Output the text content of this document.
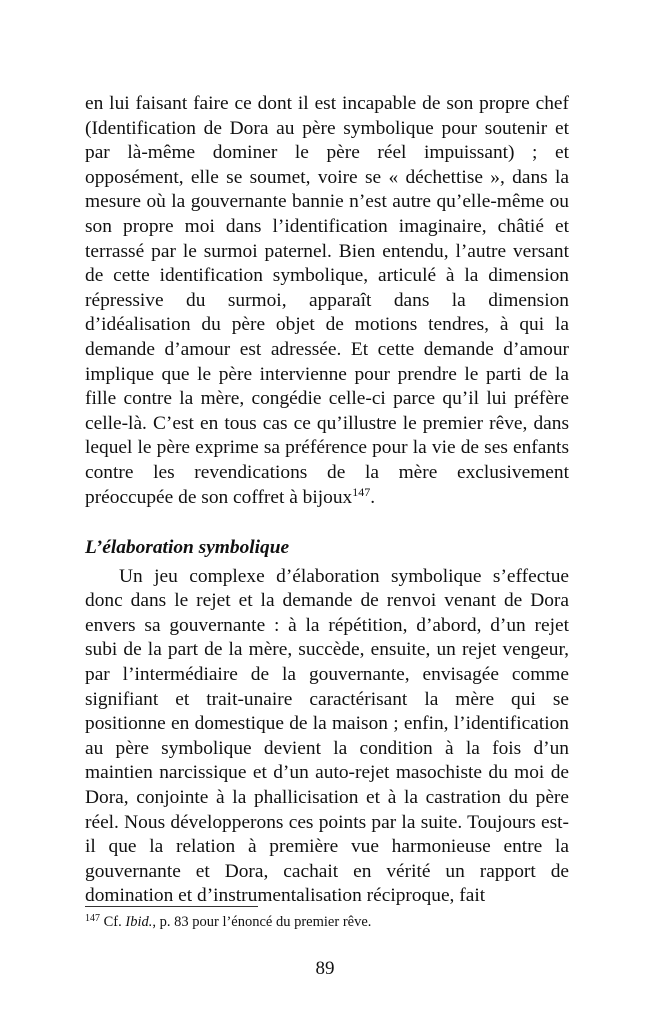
en lui faisant faire ce dont il est incapable de son propre chef (Identification de Dora au père symbolique pour soutenir et par là-même dominer le père réel impuissant) ; et opposément, elle se soumet, voire se « déchettise », dans la mesure où la gouvernante bannie n’est autre qu’elle-même ou son propre moi dans l’identification imaginaire, châtié et terrassé par le surmoi paternel. Bien entendu, l’autre versant de cette identification symbolique, articulé à la dimension répressive du surmoi, apparaît dans la dimension d’idéalisation du père objet de motions tendres, à qui la demande d’amour est adressée. Et cette demande d’amour implique que le père intervienne pour prendre le parti de la fille contre la mère, congédie celle-ci parce qu’il lui préfère celle-là. C’est en tous cas ce qu’illustre le premier rêve, dans lequel le père exprime sa préférence pour la vie de ses enfants contre les revendications de la mère exclusivement préoccupée de son coffret à bijoux$^{147}$.

L’élaboration symbolique

Un jeu complexe d’élaboration symbolique s’effectue donc dans le rejet et la demande de renvoi venant de Dora envers sa gouvernante : à la répétition, d’abord, d’un rejet subi de la part de la mère, succède, ensuite, un rejet vengeur, par l’intermédiaire de la gouvernante, envisagée comme signifiant et trait-unaire caractérisant la mère qui se positionne en domestique de la maison ; enfin, l’identification au père symbolique devient la condition à la fois d’un maintien narcissique et d’un auto-rejet masochiste du moi de Dora, conjointe à la phallicisation et à la castration du père réel. Nous développerons ces points par la suite. Toujours est-il que la relation à première vue harmonieuse entre la gouvernante et Dora, cachait en vérité un rapport de domination et d’instrumentalisation réciproque, fait

$^{147}$ Cf. Ibid., p. 83 pour l’énoncé du premier rêve.
89
